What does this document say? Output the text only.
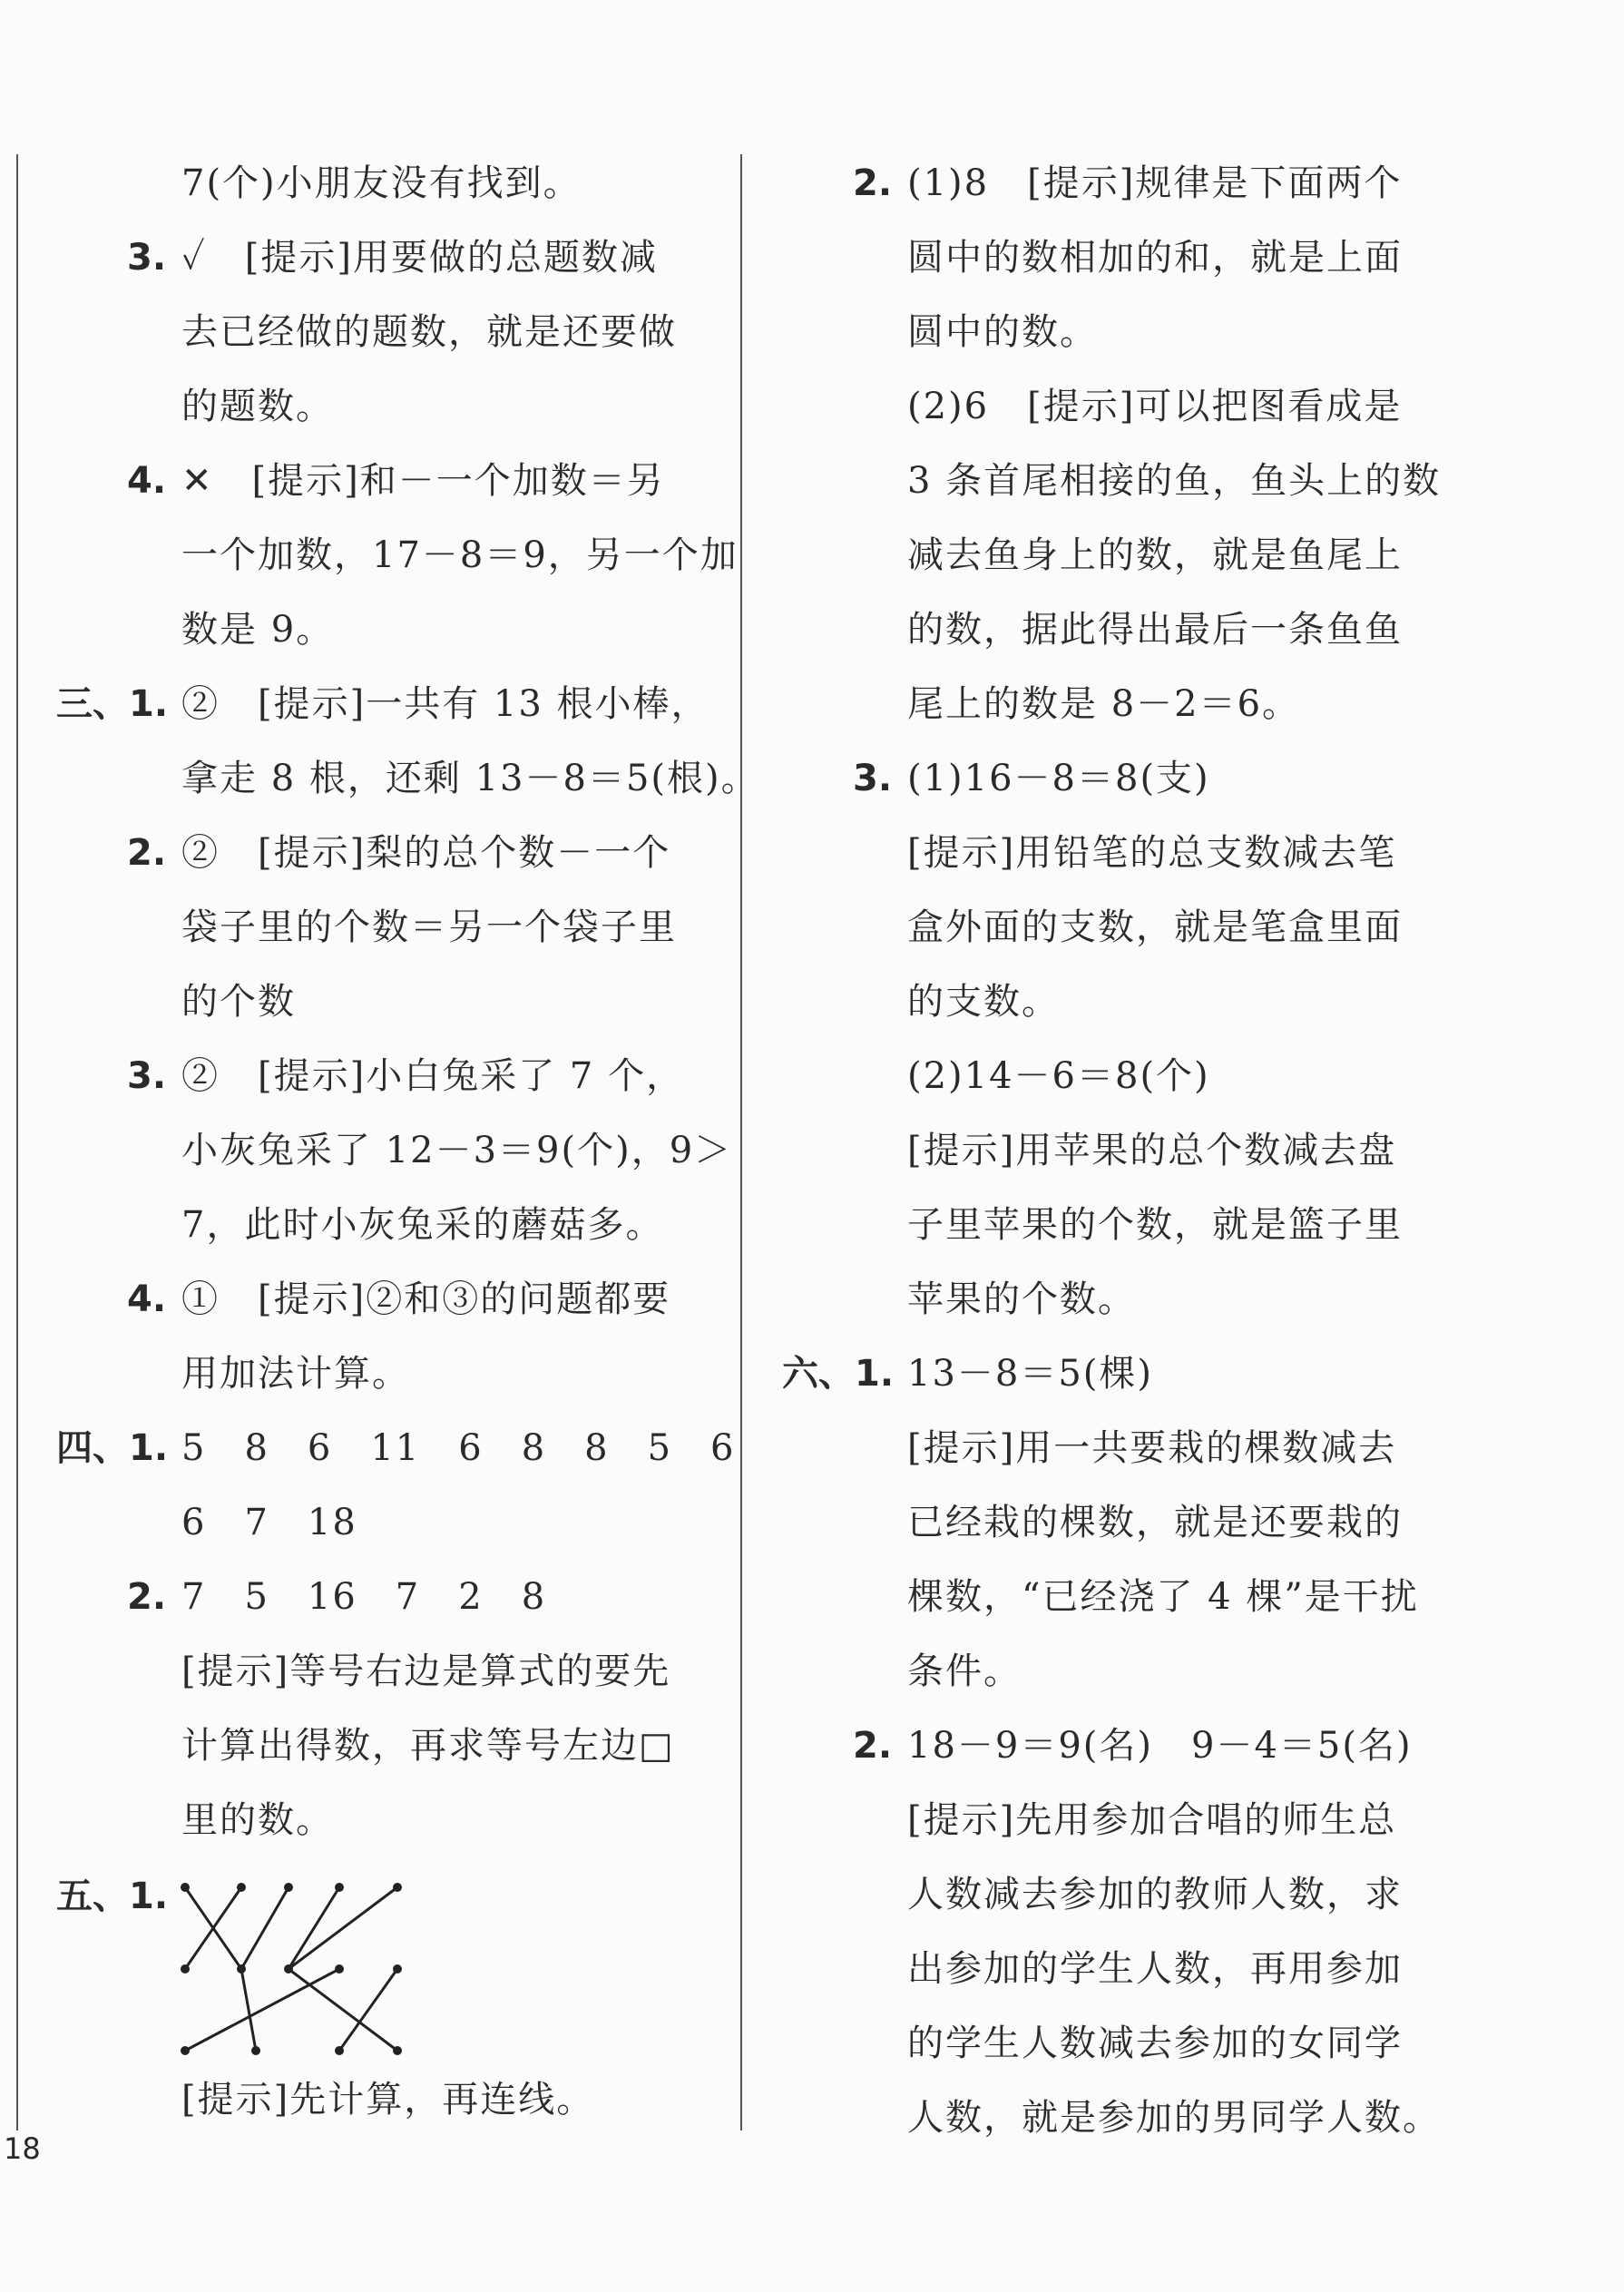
7(个)小朋友没有找到。
3. ✓　[提示]用要做的总题数减
去已经做的题数，就是还要做
的题数。
4. ✕　[提示]和－一个加数＝另
一个加数，17－8＝9，另一个加
数是 9。
三、1. ②　[提示]一共有 13 根小棒，
拿走 8 根，还剩 13－8＝5(根)。
2. ②　[提示]梨的总个数－一个
袋子里的个数＝另一个袋子里
的个数
3. ②　[提示]小白兔采了 7 个，
小灰兔采了 12－3＝9(个)，9＞
7，此时小灰兔采的蘑菇多。
4. ①　[提示]②和③的问题都要
用加法计算。
四、1. 5　8　6　11　6　8　8　5　6
6　7　18
2. 7　5　16　7　2　8
[提示]等号右边是算式的要先
计算出得数，再求等号左边□
里的数。
五、1.
[提示]先计算，再连线。
2. (1)8　[提示]规律是下面两个
圆中的数相加的和，就是上面
圆中的数。
(2)6　[提示]可以把图看成是
3 条首尾相接的鱼，鱼头上的数
减去鱼身上的数，就是鱼尾上
的数，据此得出最后一条鱼鱼
尾上的数是 8－2＝6。
3. (1)16－8＝8(支)
[提示]用铅笔的总支数减去笔
盒外面的支数，就是笔盒里面
的支数。
(2)14－6＝8(个)
[提示]用苹果的总个数减去盘
子里苹果的个数，就是篮子里
苹果的个数。
六、1. 13－8＝5(棵)
[提示]用一共要栽的棵数减去
已经栽的棵数，就是还要栽的
棵数，“已经浇了 4 棵”是干扰
条件。
2. 18－9＝9(名)　9－4＝5(名)
[提示]先用参加合唱的师生总
人数减去参加的教师人数，求
出参加的学生人数，再用参加
的学生人数减去参加的女同学
人数，就是参加的男同学人数。
18
